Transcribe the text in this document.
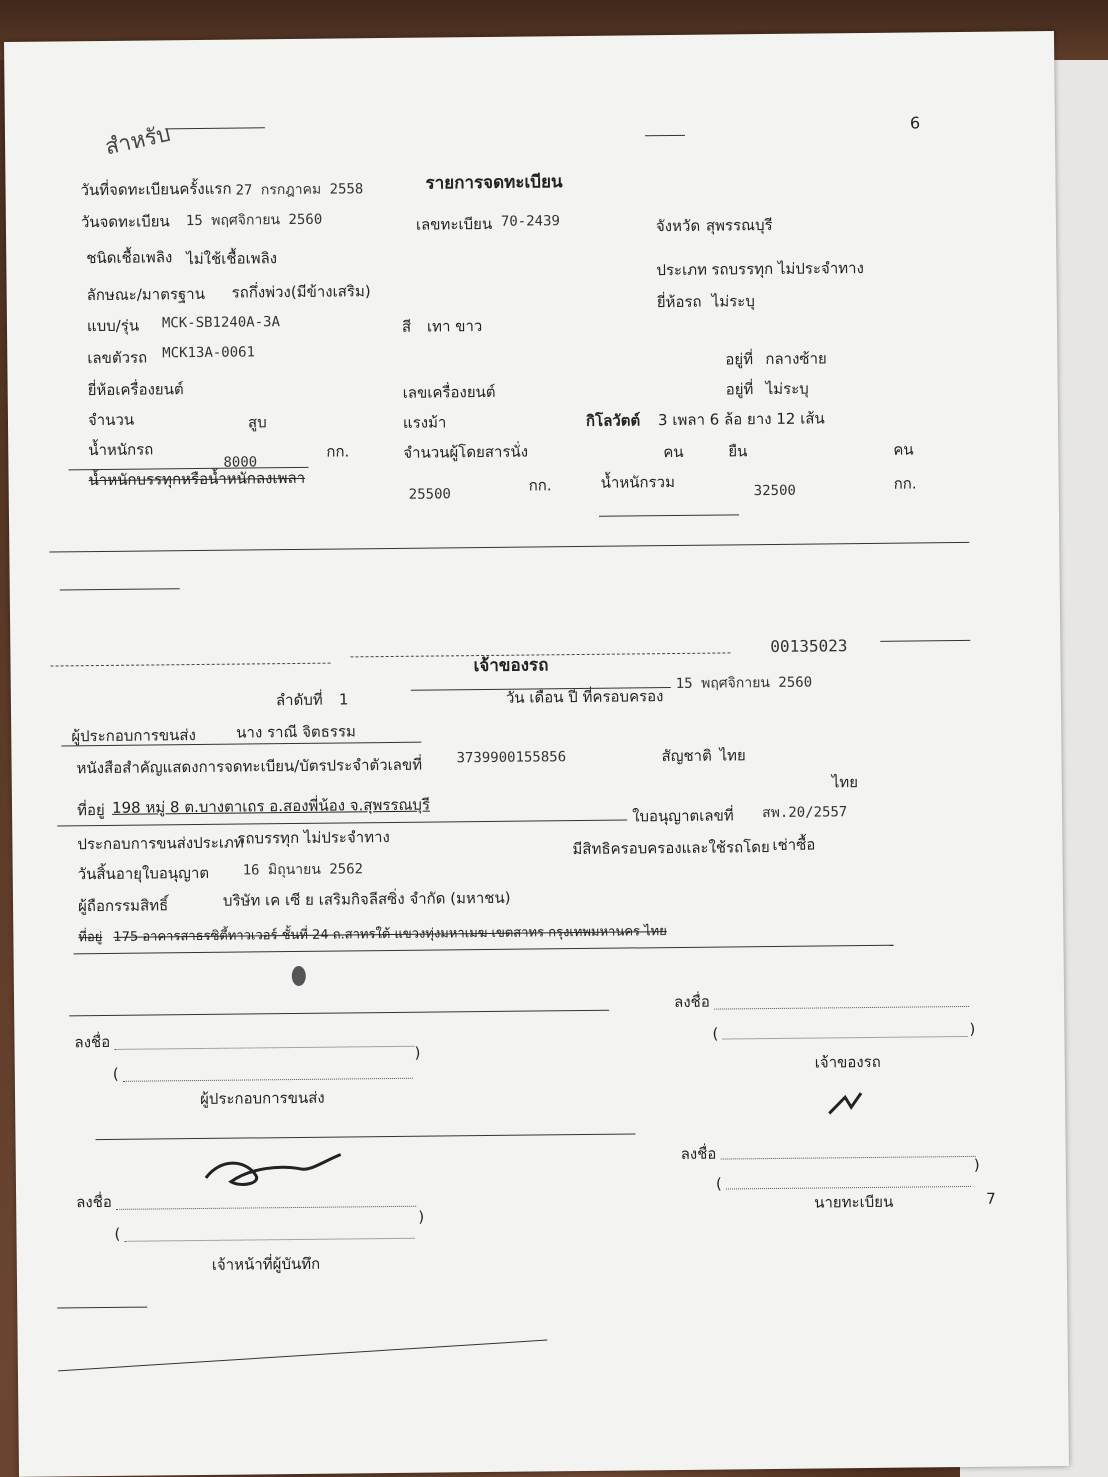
6
สำหรับ
วันที่จดทะเบียนครั้งแรก 27 กรกฎาคม 2558	รายการจดทะเบียน
วันจดทะเบียน 15 พฤศจิกายน 2560	เลขทะเบียน 70-2439	จังหวัด สุพรรณบุรี
ชนิดเชื้อเพลิง ไม่ใช้เชื้อเพลิง
ประเภท รถบรรทุก ไม่ประจำทาง
ลักษณะ/มาตรฐาน รถกึ่งพ่วง(มีข้างเสริม)
ยี่ห้อรถ ไม่ระบุ
แบบ/รุ่น MCK-SB1240A-3A	สี เทา ขาว
เลขตัวรถ MCK13A-0061	อยู่ที่ กลางซ้าย
ยี่ห้อเครื่องยนต์	เลขเครื่องยนต์	อยู่ที่ ไม่ระบุ
จำนวน	สูบ	แรงม้า	กิโลวัตต์ 3 เพลา 6 ล้อ ยาง 12 เส้น
น้ำหนักรถ
8000
กก.	จำนวนผู้โดยสารนั่ง	คน	ยืน	คน
น้ำหนักบรรทุกหรือน้ำหนักลงเพลา
25500
กก.	น้ำหนักรวม	32500	กก.
00135023
เจ้าของรถ
ลำดับที่ 1	วัน เดือน ปี ที่ครอบครอง
15 พฤศจิกายน 2560
ผู้ประกอบการขนส่ง	นาง ราณี จิตธรรม
หนังสือสำคัญแสดงการจดทะเบียน/บัตรประจำตัวเลขที่ 3739900155856	สัญชาติ ไทย
ไทย
ที่อยู่ 198 หมู่ 8 ต.บางตาเถร อ.สองพี่น้อง จ.สุพรรณบุรี	ใบอนุญาตเลขที่ สพ.20/2557
ประกอบการขนส่งประเภท
รถบรรทุก ไม่ประจำทาง
มีสิทธิครอบครองและใช้รถโดย เช่าซื้อ
วันสิ้นอายุใบอนุญาต 16 มิถุนายน 2562
ผู้ถือกรรมสิทธิ์	บริษัท เค เซี ย เสริมกิจลีสซิ่ง จำกัด (มหาชน)
ที่อยู่ 175 อาคารสาธรซิตี้ทาวเวอร์ ชั้นที่ 24 ถ.สาทรใต้ แขวงทุ่งมหาเมฆ เขตสาทร กรุงเทพมหานคร ไทย
ลงชื่อ
(
)
ผู้ประกอบการขนส่ง
ลงชื่อ
(	)
เจ้าของรถ
ลงชื่อ
(
)
เจ้าหน้าที่ผู้บันทึก
ลงชื่อ
(
)
นายทะเบียน	7
